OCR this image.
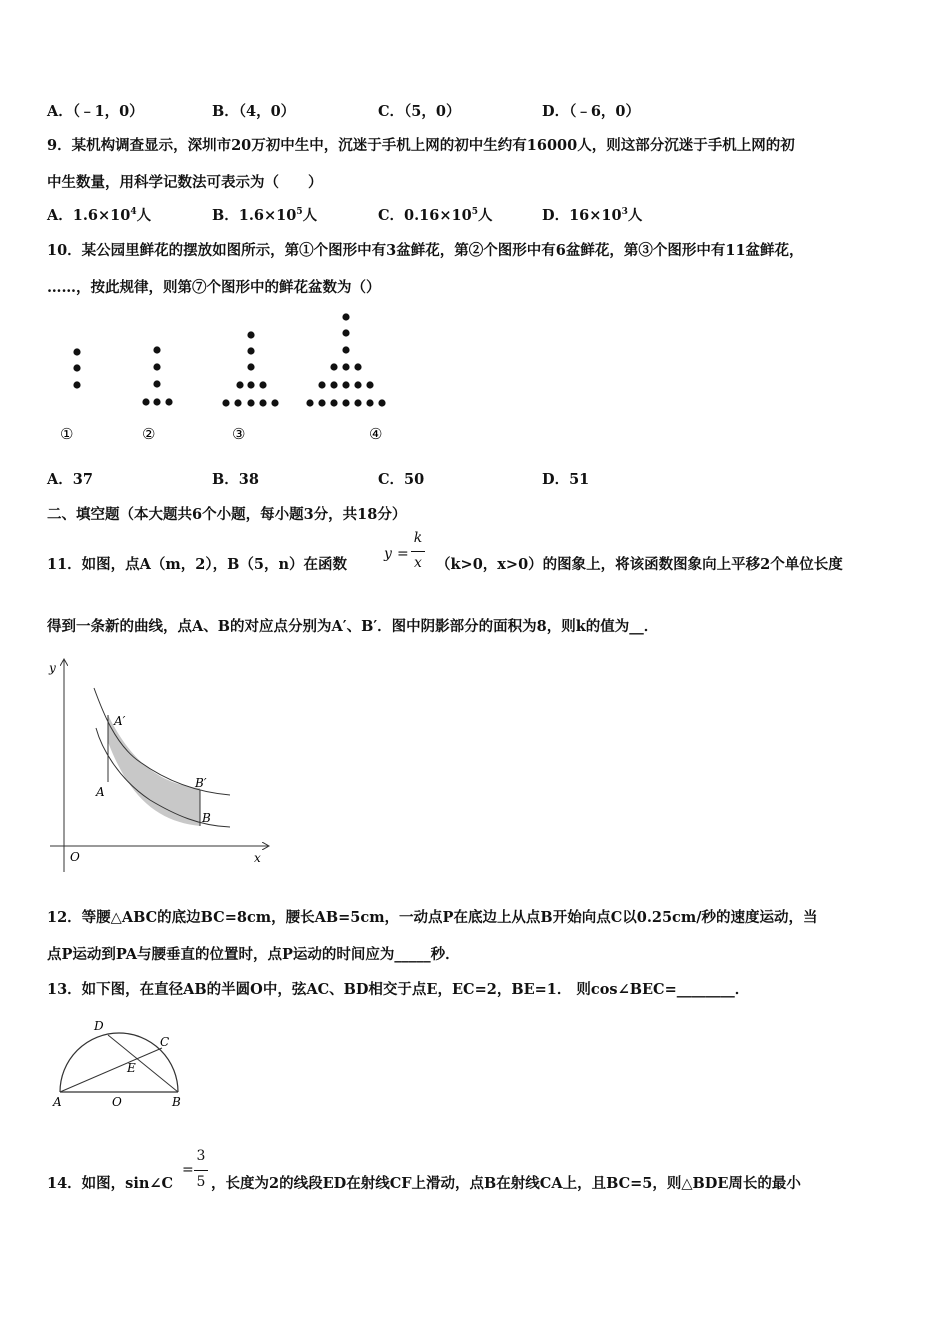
A．（﹣1，0）	B．（4，0）	C．（5，0）	D．（﹣6，0）
9．某机构调查显示，深圳市20万初中生中，沉迷于手机上网的初中生约有16000人，则这部分沉迷于手机上网的初
中生数量，用科学记数法可表示为（　　）
A．$1.6\times 10^4$人	B．$1.6\times 10^5$人	C．$0.16\times 10^5$人	D．$16\times 10^3$人
10．某公园里鲜花的摆放如图所示，第①个图形中有3盆鲜花，第②个图形中有6盆鲜花，第③个图形中有11盆鲜花，
……，按此规律，则第⑦个图形中的鲜花盆数为（）
①	②	③	④
A．37	B．38	C．50	D．51
二、填空题（本大题共6个小题，每小题3分，共18分）
11．如图，点A（m，2），B（5，n）在函数
y =
k
x （k>0，x>0）的图象上，将该函数图象向上平移2个单位长度
得到一条新的曲线，点A、B的对应点分别为A′、B′．图中阴影部分的面积为8，则k的值为__．
y
x
O
A′
A
B′
B
12．等腰△ABC的底边BC=8cm，腰长AB=5cm，一动点P在底边上从点B开始向点C以0.25cm/秒的速度运动，当
点P运动到PA与腰垂直的位置时，点P运动的时间应为_____秒．
13．如下图，在直径AB的半圆O中，弦AC、BD相交于点E，EC=2，BE=1． 则cos∠BEC=________．
D
C
E
A	O	B
14．如图，sin∠C
=
3
5 ，长度为2的线段ED在射线CF上滑动，点B在射线CA上，且BC=5，则△BDE周长的最小
